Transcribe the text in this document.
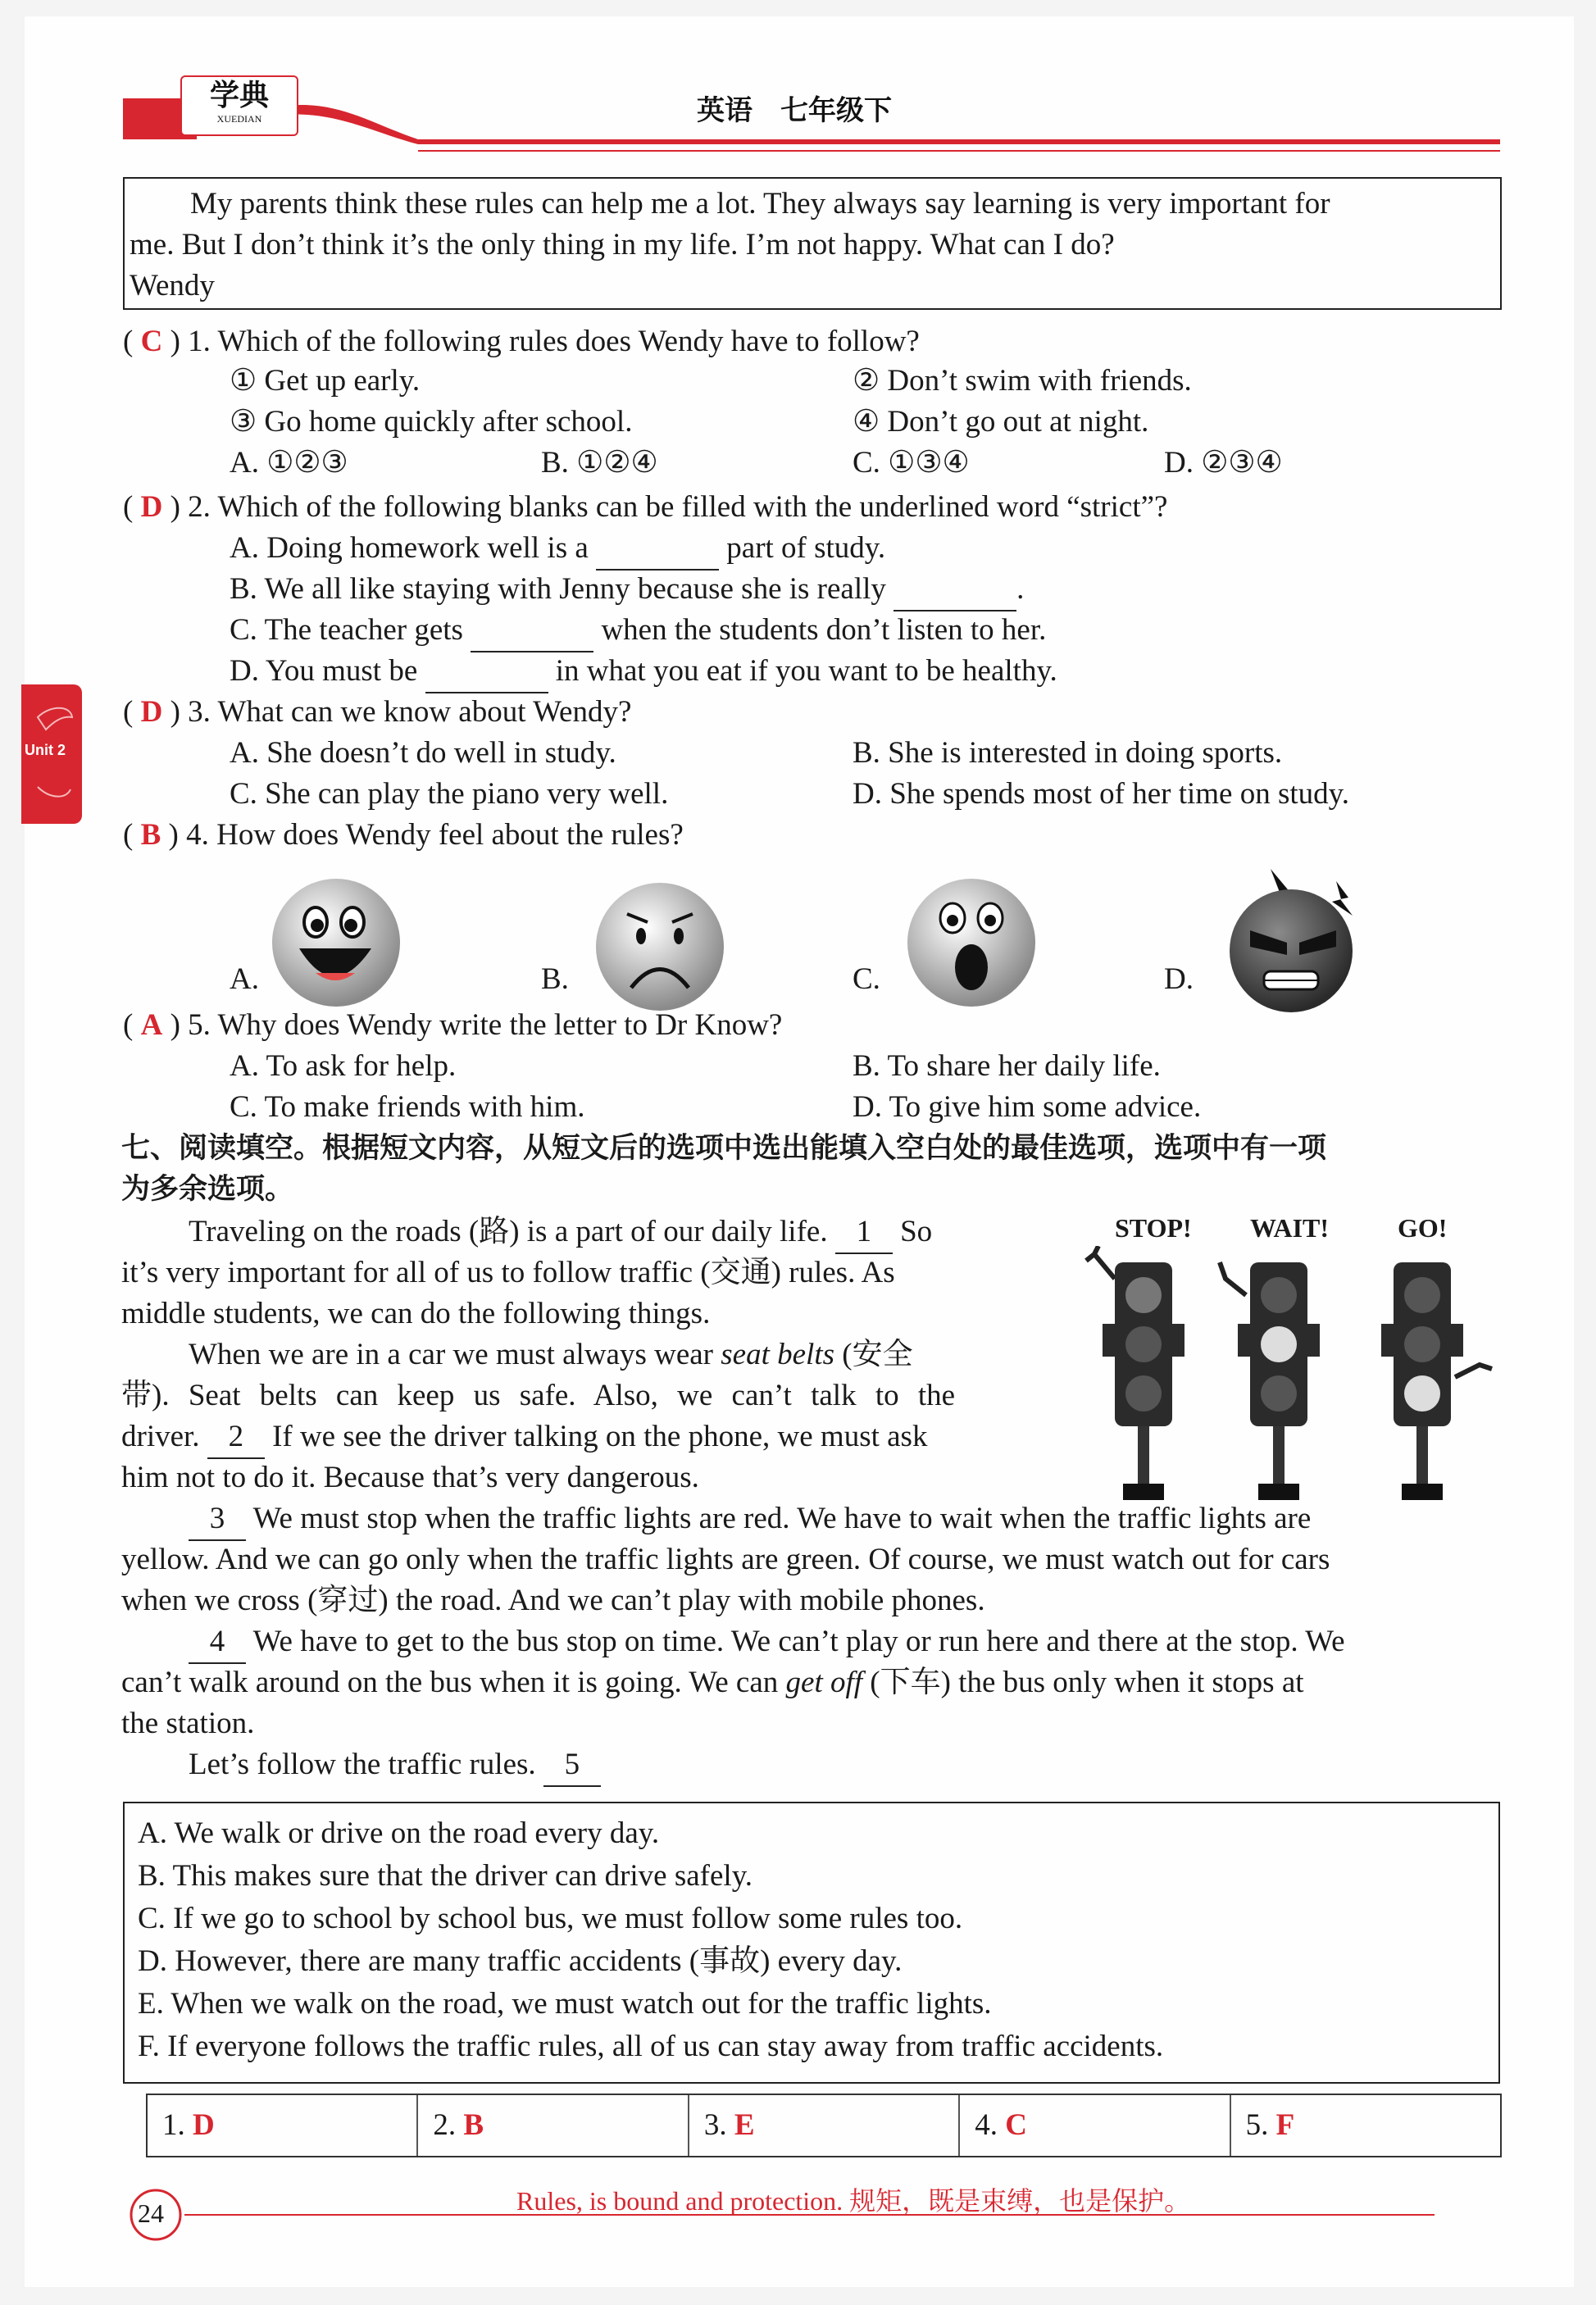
学典
XUEDIAN	英语　七年级下
Unit 2
My parents think these rules can help me a lot. They always say learning is very important for
me. But I don’t think it’s the only thing in my life. I’m not happy. What can I do?
Wendy
( C ) 1. Which of the following rules does Wendy have to follow?
① Get up early.	② Don’t swim with friends.
③ Go home quickly after school.	④ Don’t go out at night.
A. ①②③	B. ①②④	C. ①③④	D. ②③④
( D ) 2. Which of the following blanks can be filled with the underlined word “strict”?
A. Doing homework well is a	part of study.
B. We all like staying with Jenny because she is really	.
C. The teacher gets	when the students don’t listen to her.
D. You must be	in what you eat if you want to be healthy.
( D ) 3. What can we know about Wendy?
A. She doesn’t do well in study.	B. She is interested in doing sports.
C. She can play the piano very well.	D. She spends most of her time on study.
( B ) 4. How does Wendy feel about the rules?
A.	B.	C.	D.
( A ) 5. Why does Wendy write the letter to Dr Know?
A. To ask for help.	B. To share her daily life.
C. To make friends with him.	D. To give him some advice.
七、阅读填空。根据短文内容，从短文后的选项中选出能填入空白处的最佳选项，选项中有一项
为多余选项。
Traveling on the roads (路) is a part of our daily life. 1 So
it’s very important for all of us to follow traffic (交通) rules. As
middle students, we can do the following things.
When we are in a car we must always wear seat belts (安全
带). Seat belts can keep us safe. Also, we can’t talk to the
driver. 2 If we see the driver talking on the phone, we must ask
him not to do it. Because that’s very dangerous.
3 We must stop when the traffic lights are red. We have to wait when the traffic lights are
yellow. And we can go only when the traffic lights are green. Of course, we must watch out for cars
when we cross (穿过) the road. And we can’t play with mobile phones.
4 We have to get to the bus stop on time. We can’t play or run here and there at the stop. We
can’t walk around on the bus when it is going. We can get off (下车) the bus only when it stops at
the station.
Let’s follow the traffic rules. 5
STOP! WAIT!	GO!
A. We walk or drive on the road every day.
B. This makes sure that the driver can drive safely.
C. If we go to school by school bus, we must follow some rules too.
D. However, there are many traffic accidents (事故) every day.
E. When we walk on the road, we must watch out for the traffic lights.
F. If everyone follows the traffic rules, all of us can stay away from traffic accidents.
1. D	2. B	3. E	4. C	5. F
24	Rules, is bound and protection. 规矩，既是束缚，也是保护。
